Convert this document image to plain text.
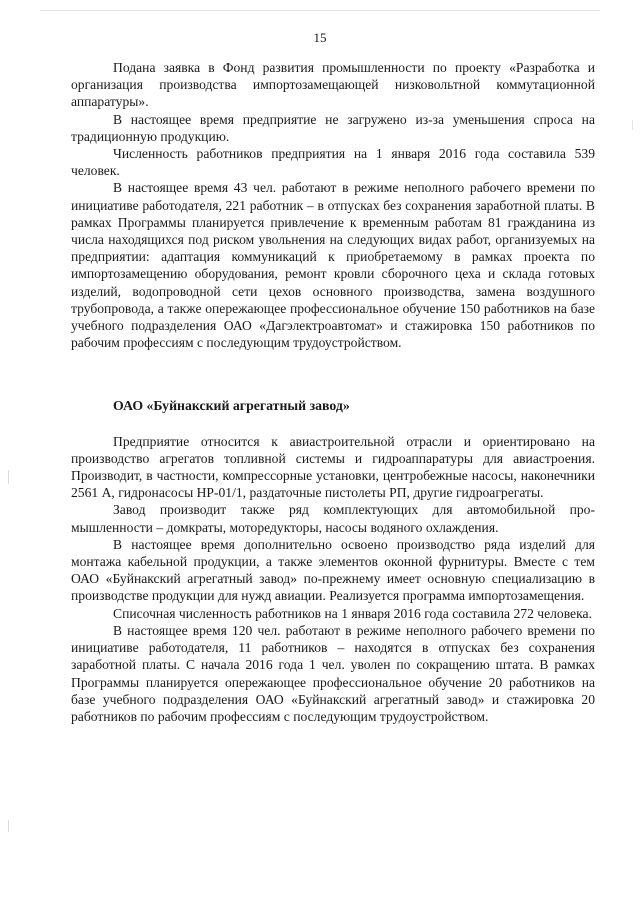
15

Подана заявка в Фонд развития промышленности по проекту «Разработка и организация производства импортозамещающей низковольтной коммутационной аппаратуры».

В настоящее время предприятие не загружено из-за уменьшения спроса на традиционную продукцию.

Численность работников предприятия на 1 января 2016 года составила 539 человек.

В настоящее время 43 чел. работают в режиме неполного рабочего времени по инициативе работодателя, 221 работник – в отпусках без сохранения заработной платы. В рамках Программы планируется привлечение к временным работам 81 гражданина из числа находящихся под риском увольнения на следующих видах работ, организуемых на предприятии: адаптация коммуникаций к приобретаемому в рамках проекта по импортозамещению оборудования, ремонт кровли сборочного цеха и склада готовых изделий, водопроводной сети цехов основного производства, замена воздушного трубопровода, а также опережающее профессиональное обучение 150 работников на базе учебного подразделения ОАО «Дагэлектроавтомат» и стажировка 150 работников по рабочим профессиям с последующим трудоустройством.

ОАО «Буйнакский агрегатный завод»

Предприятие относится к авиастроительной отрасли и ориентировано на производство агрегатов топливной системы и гидроаппаратуры для авиастроения. Производит, в частности, компрессорные установки, центробежные насосы, наконечники 2561 А, гидронасосы НР-01/1, раздаточные пистолеты РП, другие гидроагрегаты.

Завод производит также ряд комплектующих для автомобильной промышленности – домкраты, моторедукторы, насосы водяного охлаждения.

В настоящее время дополнительно освоено производство ряда изделий для монтажа кабельной продукции, а также элементов оконной фурнитуры. Вместе с тем ОАО «Буйнакский агрегатный завод» по-прежнему имеет основную специализацию в производстве продукции для нужд авиации. Реализуется программа импортозамещения.

Списочная численность работников на 1 января 2016 года составила 272 человека.

В настоящее время 120 чел. работают в режиме неполного рабочего времени по инициативе работодателя, 11 работников – находятся в отпусках без сохранения заработной платы. С начала 2016 года 1 чел. уволен по сокращению штата. В рамках Программы планируется опережающее профессиональное обучение 20 работников на базе учебного подразделения ОАО «Буйнакский агрегатный завод» и стажировка 20 работников по рабочим профессиям с последующим трудоустройством.
